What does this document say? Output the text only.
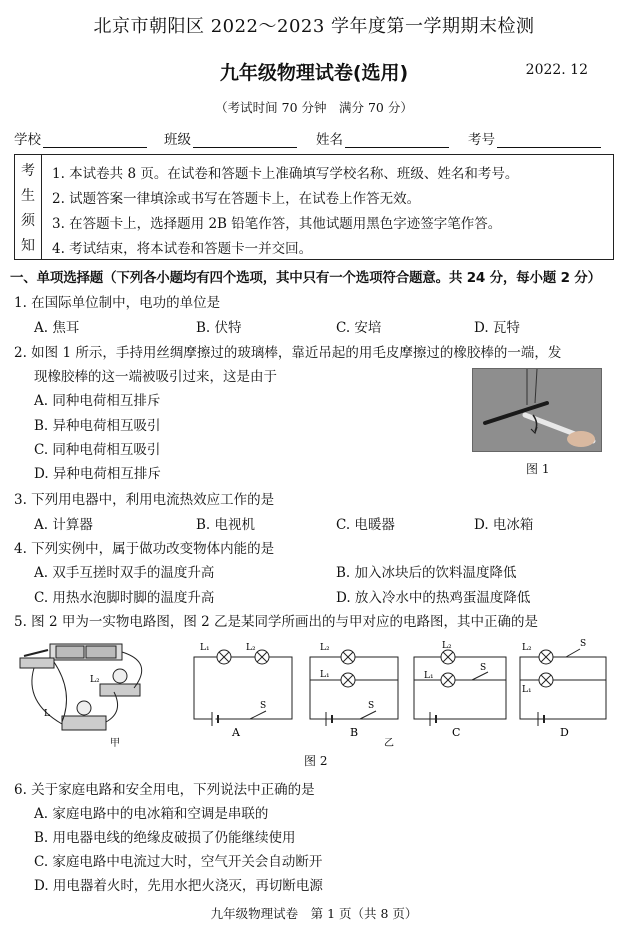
北京市朝阳区 2022～2023 学年度第一学期期末检测
九年级物理试卷(选用)	2022. 12
（考试时间 70 分钟　满分 70 分）
学校	班级	姓名	考号
考
生
须
知
1. 本试卷共 8 页。在试卷和答题卡上准确填写学校名称、班级、姓名和考号。
2. 试题答案一律填涂或书写在答题卡上，在试卷上作答无效。
3. 在答题卡上，选择题用 2B 铅笔作答，其他试题用黑色字迹签字笔作答。
4. 考试结束，将本试卷和答题卡一并交回。
一、单项选择题（下列各小题均有四个选项，其中只有一个选项符合题意。共 24 分，每小题 2 分）
1. 在国际单位制中，电功的单位是
A. 焦耳	B. 伏特	C. 安培	D. 瓦特
2. 如图 1 所示，手持用丝绸摩擦过的玻璃棒，靠近吊起的用毛皮摩擦过的橡胶棒的一端，发
现橡胶棒的这一端被吸引过来，这是由于
A. 同种电荷相互排斥
B. 异种电荷相互吸引
C. 同种电荷相互吸引
D. 异种电荷相互排斥	图 1
3. 下列用电器中，利用电流热效应工作的是
A. 计算器	B. 电视机	C. 电暖器	D. 电冰箱
4. 下列实例中，属于做功改变物体内能的是
A. 双手互搓时双手的温度升高	B. 加入冰块后的饮料温度降低
C. 用热水泡脚时脚的温度升高	D. 放入冷水中的热鸡蛋温度降低
5. 图 2 甲为一实物电路图，图 2 乙是某同学所画出的与甲对应的电路图，其中正确的是
L₂
L
L₁	L₂
S
L₂
L₁
S
L₂
L₁
S
L₂
L₁
S
A	B	C	D
甲	乙
图 2
6. 关于家庭电路和安全用电，下列说法中正确的是
A. 家庭电路中的电冰箱和空调是串联的
B. 用电器电线的绝缘皮破损了仍能继续使用
C. 家庭电路中电流过大时，空气开关会自动断开
D. 用电器着火时，先用水把火浇灭，再切断电源
九年级物理试卷　第 1 页（共 8 页）
